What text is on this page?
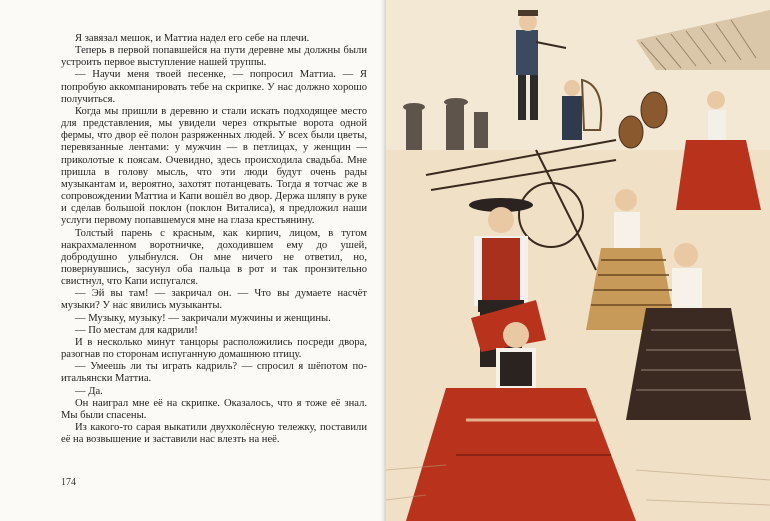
Я завязал мешок, и Маттиа надел его себе на плечи.

Теперь в первой попавшейся на пути деревне мы должны были устроить первое выступление нашей труппы.

— Научи меня твоей песенке, — попросил Маттиа. — Я попробую аккомпанировать тебе на скрипке. У нас должно хорошо получиться.

Когда мы пришли в деревню и стали искать подходящее место для представления, мы увидели через открытые ворота одной фермы, что двор её полон разряженных людей. У всех были цветы, перевязанные лентами: у мужчин — в петлицах, у женщин — приколотые к поясам. Очевидно, здесь происходила свадьба. Мне пришла в голову мысль, что эти люди будут очень рады музыкантам и, вероятно, захотят потанцевать. Тогда я тотчас же в сопровождении Маттиа и Капи вошёл во двор. Держа шляпу в руке и сделав большой поклон (поклон Виталиса), я предложил наши услуги первому попавшемуся мне на глаза крестьянину.

Толстый парень с красным, как кирпич, лицом, в тугом накрахмаленном воротничке, доходившем ему до ушей, добродушно улыбнулся. Он мне ничего не ответил, но, повернувшись, засунул оба пальца в рот и так пронзительно свистнул, что Капи испугался.

— Эй вы там! — закричал он. — Что вы думаете насчёт музыки? У нас явились музыканты.

— Музыку, музыку! — закричали мужчины и женщины.

— По местам для кадрили!

И в несколько минут танцоры расположились посреди двора, разогнав по сторонам испуганную домашнюю птицу.

— Умеешь ли ты играть кадриль? — спросил я шёпотом по-итальянски Маттиа.

— Да.

Он наиграл мне её на скрипке. Оказалось, что я тоже её знал. Мы были спасены.

Из какого-то сарая выкатили двухколёсную тележку, поставили её на возвышение и заставили нас влезть на неё.

174
